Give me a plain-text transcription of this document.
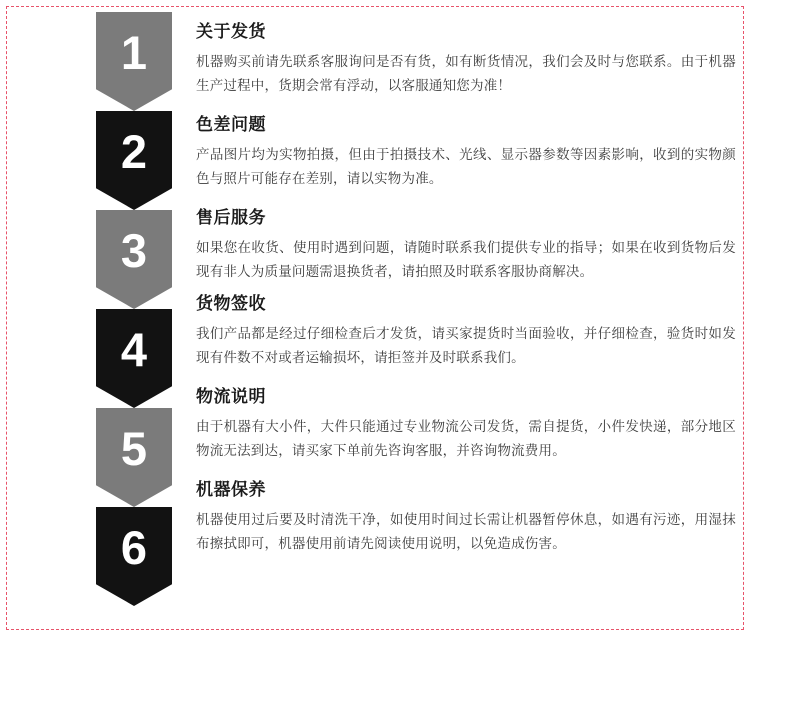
1
2
3
4
5
6
关于发货

机器购买前请先联系客服询问是否有货，如有断货情况，我们会及时与您联系。由于机器生产过程中，货期会常有浮动，以客服通知您为准！

色差问题

产品图片均为实物拍摄，但由于拍摄技术、光线、显示器参数等因素影响，收到的实物颜色与照片可能存在差别，请以实物为准。

售后服务

如果您在收货、使用时遇到问题，请随时联系我们提供专业的指导；如果在收到货物后发现有非人为质量问题需退换货者，请拍照及时联系客服协商解决。

货物签收

我们产品都是经过仔细检查后才发货，请买家提货时当面验收，并仔细检查，验货时如发现有件数不对或者运输损坏，请拒签并及时联系我们。

物流说明

由于机器有大小件，大件只能通过专业物流公司发货，需自提货，小件发快递，部分地区物流无法到达，请买家下单前先咨询客服，并咨询物流费用。

机器保养

机器使用过后要及时清洗干净，如使用时间过长需让机器暂停休息，如遇有污迹，用湿抹布擦拭即可，机器使用前请先阅读使用说明，以免造成伤害。
